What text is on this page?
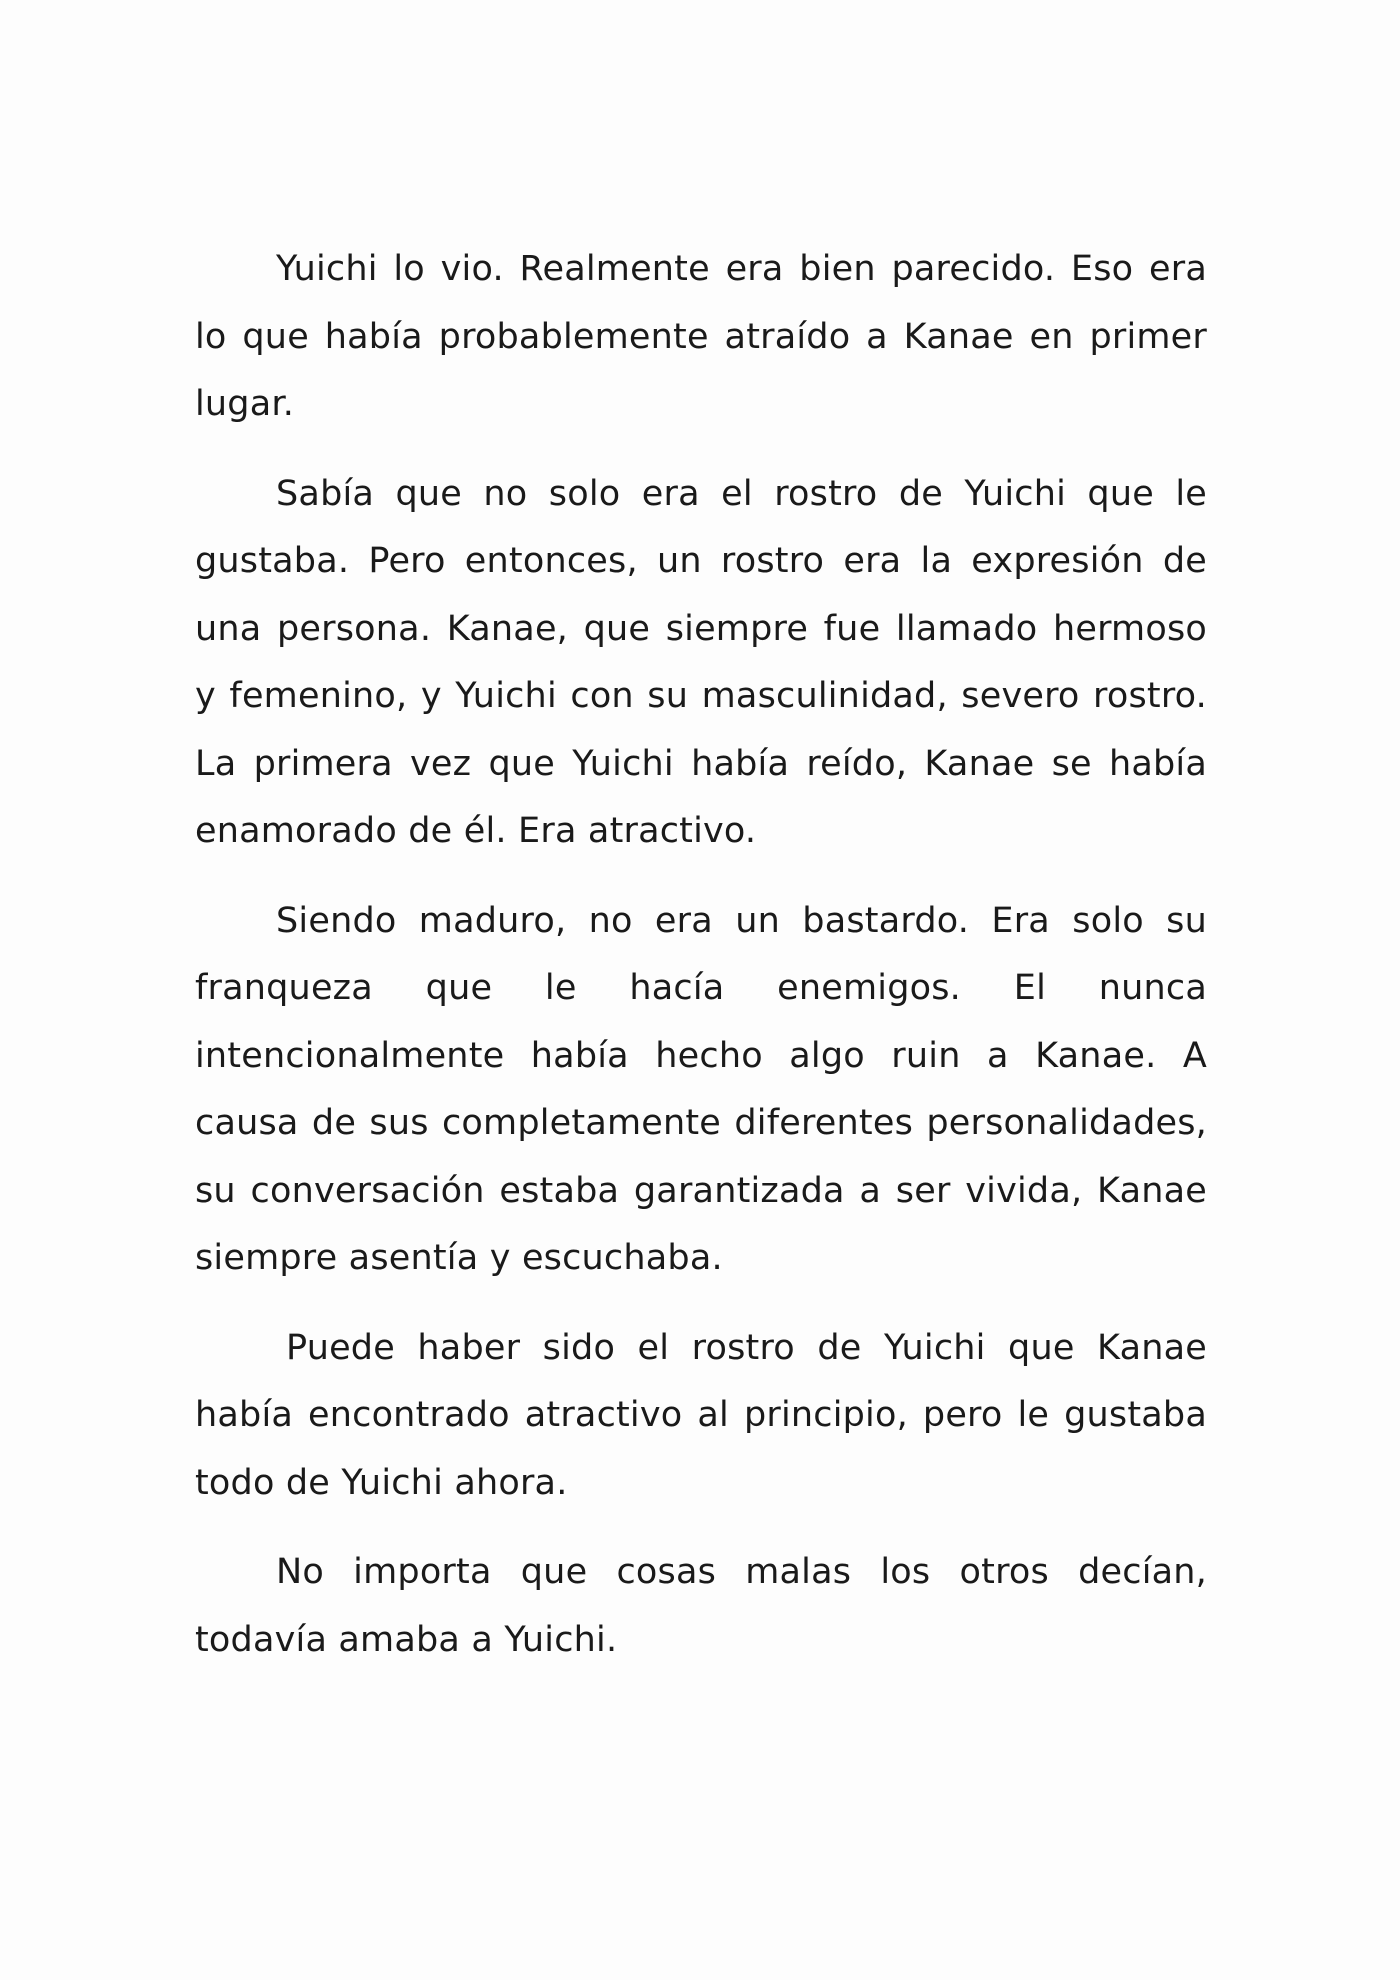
Yuichi lo vio. Realmente era bien parecido. Eso era lo que había probablemente atraído a Kanae en primer lugar.

Sabía que no solo era el rostro de Yuichi que le gustaba. Pero entonces, un rostro era la expresión de una persona. Kanae, que siempre fue llamado hermoso y femenino, y Yuichi con su masculinidad, severo rostro. La primera vez que Yuichi había reído, Kanae se había enamorado de él. Era atractivo.

Siendo maduro, no era un bastardo. Era solo su franqueza que le hacía enemigos. El nunca intencionalmente había hecho algo ruin a Kanae. A causa de sus completamente diferentes personalidades, su conversación estaba garantizada a ser vivida, Kanae siempre asentía y escuchaba.

Puede haber sido el rostro de Yuichi que Kanae había encontrado atractivo al principio, pero le gustaba todo de Yuichi ahora.

No importa que cosas malas los otros decían, todavía amaba a Yuichi.
